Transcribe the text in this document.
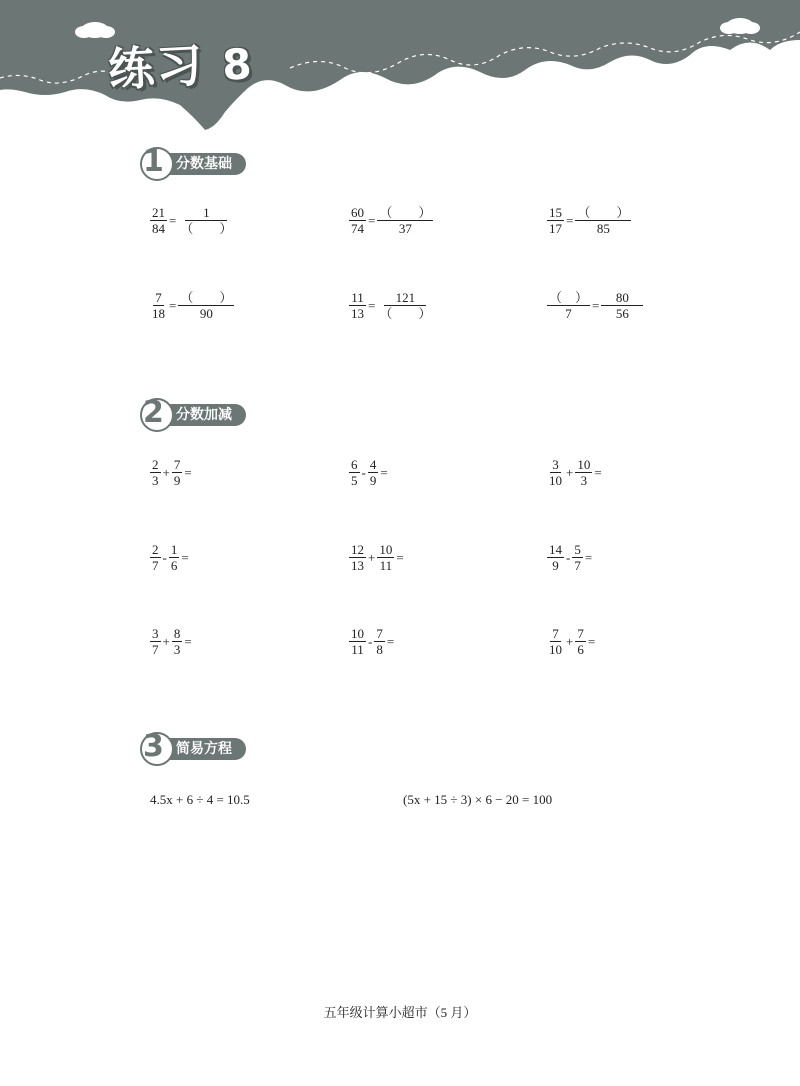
练习 8
分数基础
1
$\frac{21}{84} = \frac{1}{( )}$	$\frac{60}{74} = \frac{( )}{37}$	$\frac{15}{17} = \frac{( )}{85}$
$\frac{7}{18} = \frac{( )}{90}$	$\frac{11}{13} = \frac{121}{( )}$	$\frac{( )}{7} = \frac{80}{56}$
分数加减
2
$\frac{2}{3} + \frac{7}{9}$ =	$\frac{6}{5} - \frac{4}{9}$ =	$\frac{3}{10} + \frac{10}{3}$ =
$\frac{2}{7} - \frac{1}{6}$ =	$\frac{12}{13} + \frac{10}{11}$ =	$\frac{14}{9} - \frac{5}{7}$ =
$\frac{3}{7} + \frac{8}{3}$ =	$\frac{10}{11} - \frac{7}{8}$ =	$\frac{7}{10} + \frac{7}{6}$ =
简易方程
3
4.5x + 6 ÷ 4 = 10.5	(5x + 15 ÷ 3) × 6 − 20 = 100
五年级计算小超市（5 月）
